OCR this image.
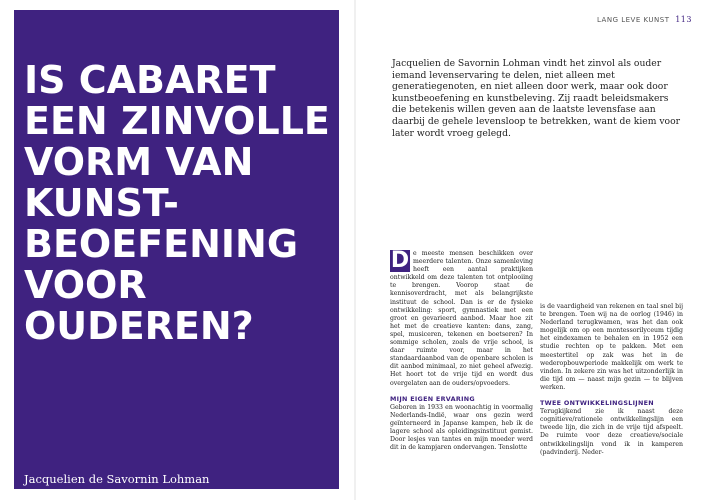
IS CABARET
EEN ZINVOLLE
VORM VAN
KUNST-
BEOEFENING
VOOR
OUDEREN?
Jacquelien de Savornin Lohman
LANG LEVE KUNST 113

Jacquelien de Savornin Lohman vindt het zinvol als ouder iemand levenservaring te delen, niet alleen met generatiegenoten, en niet alleen door werk, maar ook door kunstbeoefening en kunstbeleving. Zij raadt beleidsmakers die betekenis willen geven aan de laatste levensfase aan daarbij de gehele levensloop te betrekken, want de kiem voor later wordt vroeg gelegd.

D e meeste mensen beschikken over meerdere talenten. Onze samenleving heeft een aantal praktijken ontwikkeld om deze talenten tot ontplooiing te brengen. Voorop staat de kennisoverdracht, met als belangrijkste instituut de school. Dan is er de fysieke ontwikkeling: sport, gymnastiek met een groot en gevarieerd aanbod. Maar hoe zit het met de creatieve kanten: dans, zang, spel, musiceren, tekenen en boetseren? In sommige scholen, zoals de vrije school, is daar ruimte voor, maar in het standaardaanbod van de openbare scholen is dit aanbod minimaal, zo niet geheel afwezig. Het hoort tot de vrije tijd en wordt dus overgelaten aan de ouders/opvoeders.

MIJN EIGEN ERVARING

Geboren in 1933 en woonachtig in voormalig Nederlands-Indië, waar ons gezin werd geïnterneerd in Japanse kampen, heb ik de lagere school als opleidingsinstituut gemist. Door lesjes van tantes en mijn moeder werd dit in de kampjaren ondervangen. Tenslotte

is de vaardigheid van rekenen en taal snel bij te brengen. Toen wij na de oorlog (1946) in Nederland terugkwamen, was het dan ook mogelijk om op een montessorilyceum tijdig het eindexamen te behalen en in 1952 een studie rechten op te pakken. Met een meestertitel op zak was het in de wederopbouwperiode makkelijk om werk te vinden. In zekere zin was het uitzonderlijk in die tijd om — naast mijn gezin — te blijven werken.

TWEE ONTWIKKELINGSLIJNEN

Terugkijkend zie ik naast deze cognitieve/rationele ontwikkelingslijn een tweede lijn, die zich in de vrije tijd afspeelt. De ruimte voor deze creatieve/sociale ontwikkelingslijn vond ik in kamperen (padvinderij. Neder-
